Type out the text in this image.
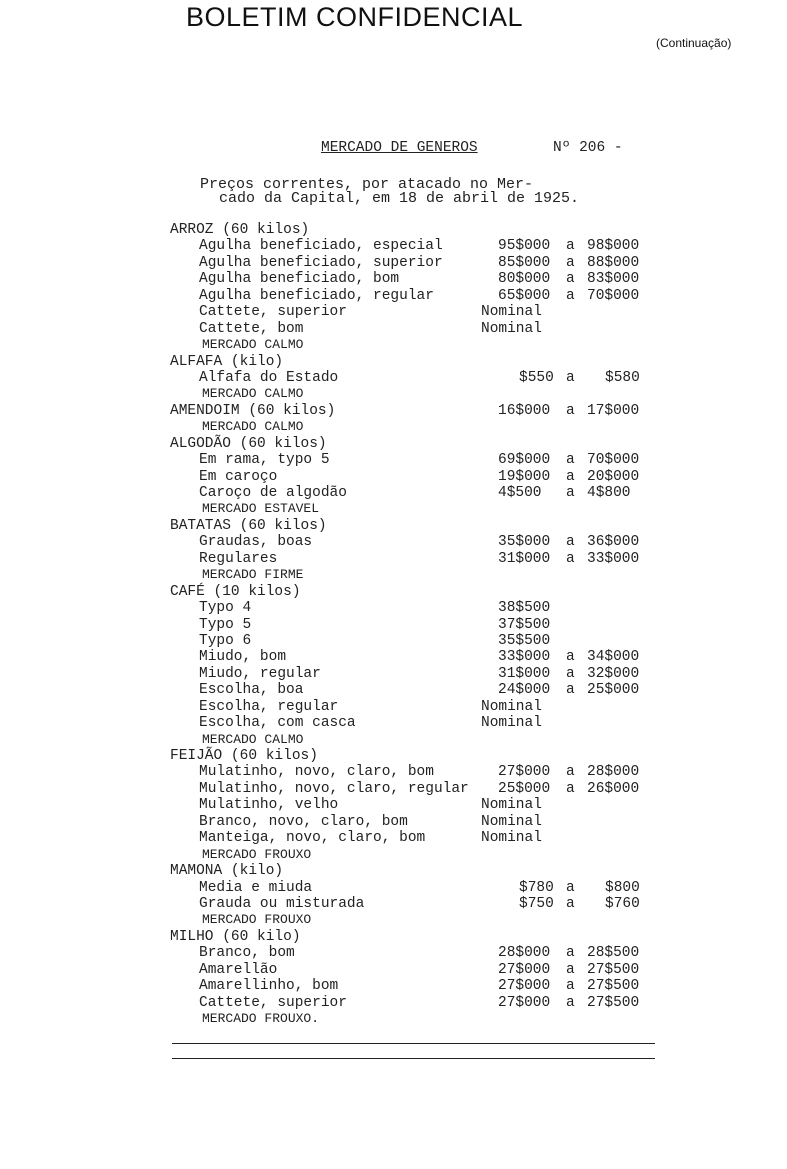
BOLETIM CONFIDENCIAL
(Continuação)
MERCADO DE GENEROS	Nº 206 -
Preços correntes, por atacado no Mer-
cado da Capital, em 18 de abril de 1925.
ARROZ (60 kilos)
Agulha beneficiado, especial	95$000 a 98$000
Agulha beneficiado, superior	85$000 a 88$000
Agulha beneficiado, bom	80$000 a 83$000
Agulha beneficiado, regular	65$000 a 70$000
Cattete, superior	Nominal
Cattete, bom	Nominal
MERCADO CALMO
ALFAFA (kilo)
Alfafa do Estado	$550 a $580
MERCADO CALMO
AMENDOIM (60 kilos)	16$000 a 17$000
MERCADO CALMO
ALGODÃO (60 kilos)
Em rama, typo 5	69$000 a 70$000
Em caroço	19$000 a 20$000
Caroço de algodão	4$500 a 4$800
MERCADO ESTAVEL
BATATAS (60 kilos)
Graudas, boas	35$000 a 36$000
Regulares	31$000 a 33$000
MERCADO FIRME
CAFÉ (10 kilos)
Typo 4	38$500
Typo 5	37$500
Typo 6	35$500
Miudo, bom	33$000 a 34$000
Miudo, regular	31$000 a 32$000
Escolha, boa	24$000 a 25$000
Escolha, regular	Nominal
Escolha, com casca	Nominal
MERCADO CALMO
FEIJÃO (60 kilos)
Mulatinho, novo, claro, bom	27$000 a 28$000
Mulatinho, novo, claro, regular 25$000 a 26$000
Mulatinho, velho	Nominal
Branco, novo, claro, bom	Nominal
Manteiga, novo, claro, bom	Nominal
MERCADO FROUXO
MAMONA (kilo)
Media e miuda	$780 a $800
Grauda ou misturada	$750 a $760
MERCADO FROUXO
MILHO (60 kilo)
Branco, bom	28$000 a 28$500
Amarellão	27$000 a 27$500
Amarellinho, bom	27$000 a 27$500
Cattete, superior	27$000 a 27$500
MERCADO FROUXO.
